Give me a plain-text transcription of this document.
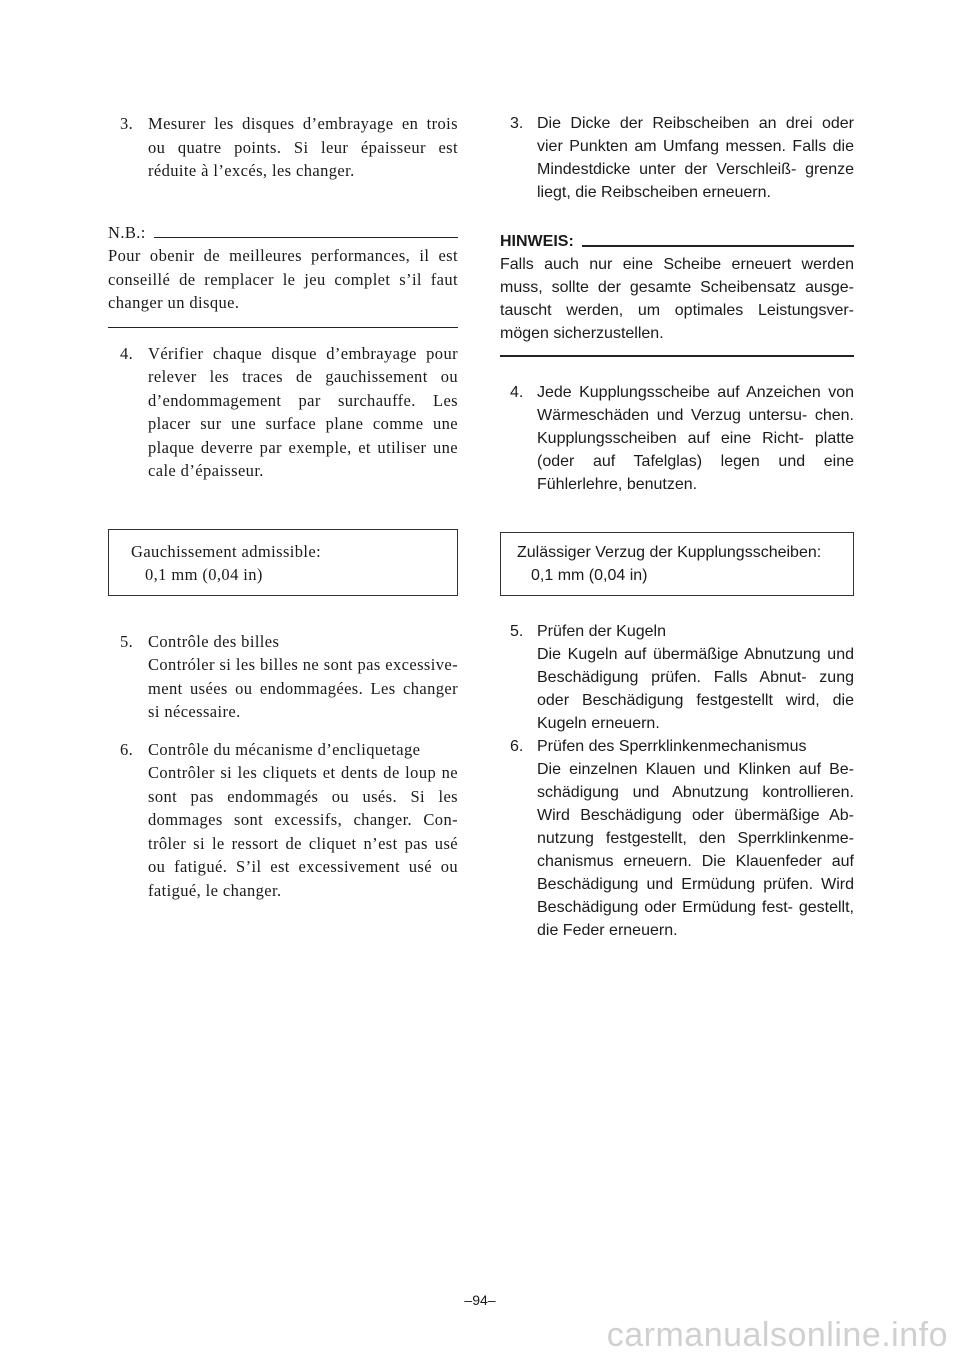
3. Mesurer les disques d’embrayage en trois ou quatre points. Si leur épaisseur est réduite à l’excés, les changer.
N.B.:
Pour obenir de meilleures performances, il est conseillé de remplacer le jeu complet s’il faut changer un disque.
4. Vérifier chaque disque d’embrayage pour relever les traces de gauchissement ou d’endommagement par surchauffe. Les placer sur une surface plane comme une plaque deverre par exemple, et utiliser une cale d’épaisseur.
Gauchissement admissible:
0,1 mm (0,04 in)
5. Contrôle des billes
Contróler si les billes ne sont pas excessive- ment usées ou endommagées. Les changer si nécessaire.
6. Contrôle du mécanisme d’encliquetage
Contrôler si les cliquets et dents de loup ne sont pas endommagés ou usés. Si les dommages sont excessifs, changer. Con- trôler si le ressort de cliquet n’est pas usé ou fatigué. S’il est excessivement usé ou fatigué, le changer.
3. Die Dicke der Reibscheiben an drei oder vier Punkten am Umfang messen. Falls die Mindestdicke unter der Verschleiß- grenze liegt, die Reibscheiben erneuern.
HINWEIS:
Falls auch nur eine Scheibe erneuert werden muss, sollte der gesamte Scheibensatz ausge- tauscht werden, um optimales Leistungsver- mögen sicherzustellen.
4. Jede Kupplungsscheibe auf Anzeichen von Wärmeschäden und Verzug untersu- chen. Kupplungsscheiben auf eine Richt- platte (oder auf Tafelglas) legen und eine Fühlerlehre, benutzen.
Zulässiger Verzug der Kupplungsscheiben:
0,1 mm (0,04 in)
5. Prüfen der Kugeln
Die Kugeln auf übermäßige Abnutzung und Beschädigung prüfen. Falls Abnut- zung oder Beschädigung festgestellt wird, die Kugeln erneuern.
6. Prüfen des Sperrklinkenmechanismus
Die einzelnen Klauen und Klinken auf Be- schädigung und Abnutzung kontrollieren. Wird Beschädigung oder übermäßige Ab- nutzung festgestellt, den Sperrklinkenme- chanismus erneuern. Die Klauenfeder auf Beschädigung und Ermüdung prüfen. Wird Beschädigung oder Ermüdung fest- gestellt, die Feder erneuern.
–94–
carmanualsonline.info
